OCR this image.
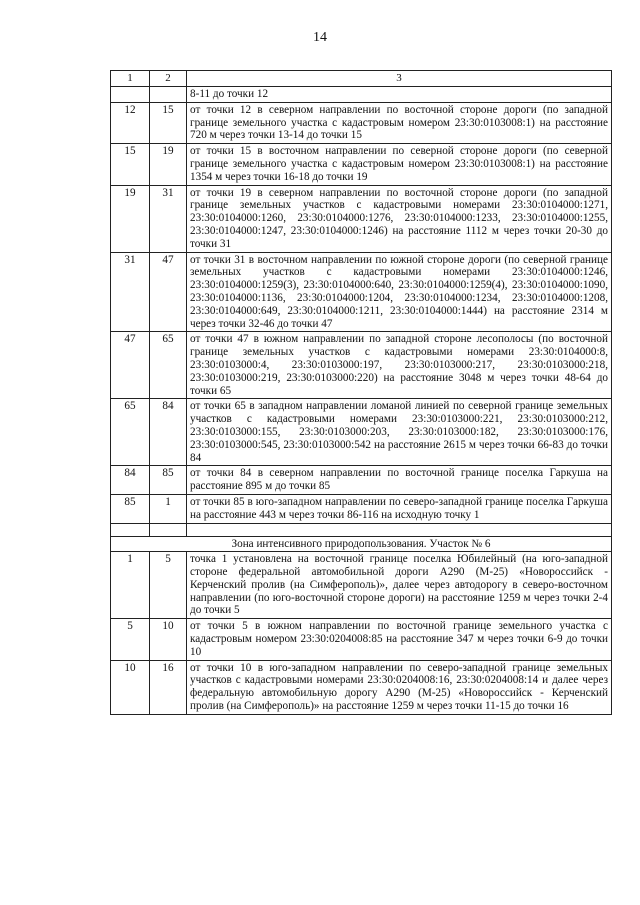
14
1	2	3
		8-11 до точки 12
12	15	от точки 12 в северном направлении по восточной стороне дороги (по западной границе земельного участка с кадастровым номером 23:30:0103008:1) на расстояние 720 м через точки 13-14 до точки 15
15	19	от точки 15 в восточном направлении по северной стороне дороги (по северной границе земельного участка с кадастровым номером 23:30:0103008:1) на расстояние 1354 м через точки 16-18 до точки 19
19	31	от точки 19 в северном направлении по восточной стороне дороги (по западной границе земельных участков с кадастровыми номерами 23:30:0104000:1271, 23:30:0104000:1260, 23:30:0104000:1276, 23:30:0104000:1233, 23:30:0104000:1255, 23:30:0104000:1247, 23:30:0104000:1246) на расстояние 1112 м через точки 20-30 до точки 31
31	47	от точки 31 в восточном направлении по южной стороне дороги (по северной границе земельных участков с кадастровыми номерами 23:30:0104000:1246, 23:30:0104000:1259(3), 23:30:0104000:640, 23:30:0104000:1259(4), 23:30:0104000:1090, 23:30:0104000:1136, 23:30:0104000:1204, 23:30:0104000:1234, 23:30:0104000:1208, 23:30:0104000:649, 23:30:0104000:1211, 23:30:0104000:1444) на расстояние 2314 м через точки 32-46 до точки 47
47	65	от точки 47 в южном направлении по западной стороне лесополосы (по восточной границе земельных участков с кадастровыми номерами 23:30:0104000:8, 23:30:0103000:4, 23:30:0103000:197, 23:30:0103000:217, 23:30:0103000:218, 23:30:0103000:219, 23:30:0103000:220) на расстояние 3048 м через точки 48-64 до точки 65
65	84	от точки 65 в западном направлении ломаной линией по северной границе земельных участков с кадастровыми номерами 23:30:0103000:221, 23:30:0103000:212, 23:30:0103000:155, 23:30:0103000:203, 23:30:0103000:182, 23:30:0103000:176, 23:30:0103000:545, 23:30:0103000:542 на расстояние 2615 м через точки 66-83 до точки 84
84	85	от точки 84 в северном направлении по восточной границе поселка Гаркуша на расстояние 895 м до точки 85
85	1	от точки 85 в юго-западном направлении по северо-западной границе поселка Гаркуша на расстояние 443 м через точки 86-116 на исходную точку 1

Зона интенсивного природопользования. Участок № 6		
1	5	точка 1 установлена на восточной границе поселка Юбилейный (на юго-западной стороне федеральной автомобильной дороги А290 (М-25) «Новороссийск - Керченский пролив (на Симферополь)», далее через автодорогу в северо-восточном направлении (по юго-восточной стороне дороги) на расстояние 1259 м через точки 2-4 до точки 5
5	10	от точки 5 в южном направлении по восточной границе земельного участка с кадастровым номером 23:30:0204008:85 на расстояние 347 м через точки 6-9 до точки 10
10	16	от точки 10 в юго-западном направлении по северо-западной границе земельных участков с кадастровыми номерами 23:30:0204008:16, 23:30:0204008:14 и далее через федеральную автомобильную дорогу А290 (М-25) «Новороссийск - Керченский пролив (на Симферополь)» на расстояние 1259 м через точки 11-15 до точки 16
